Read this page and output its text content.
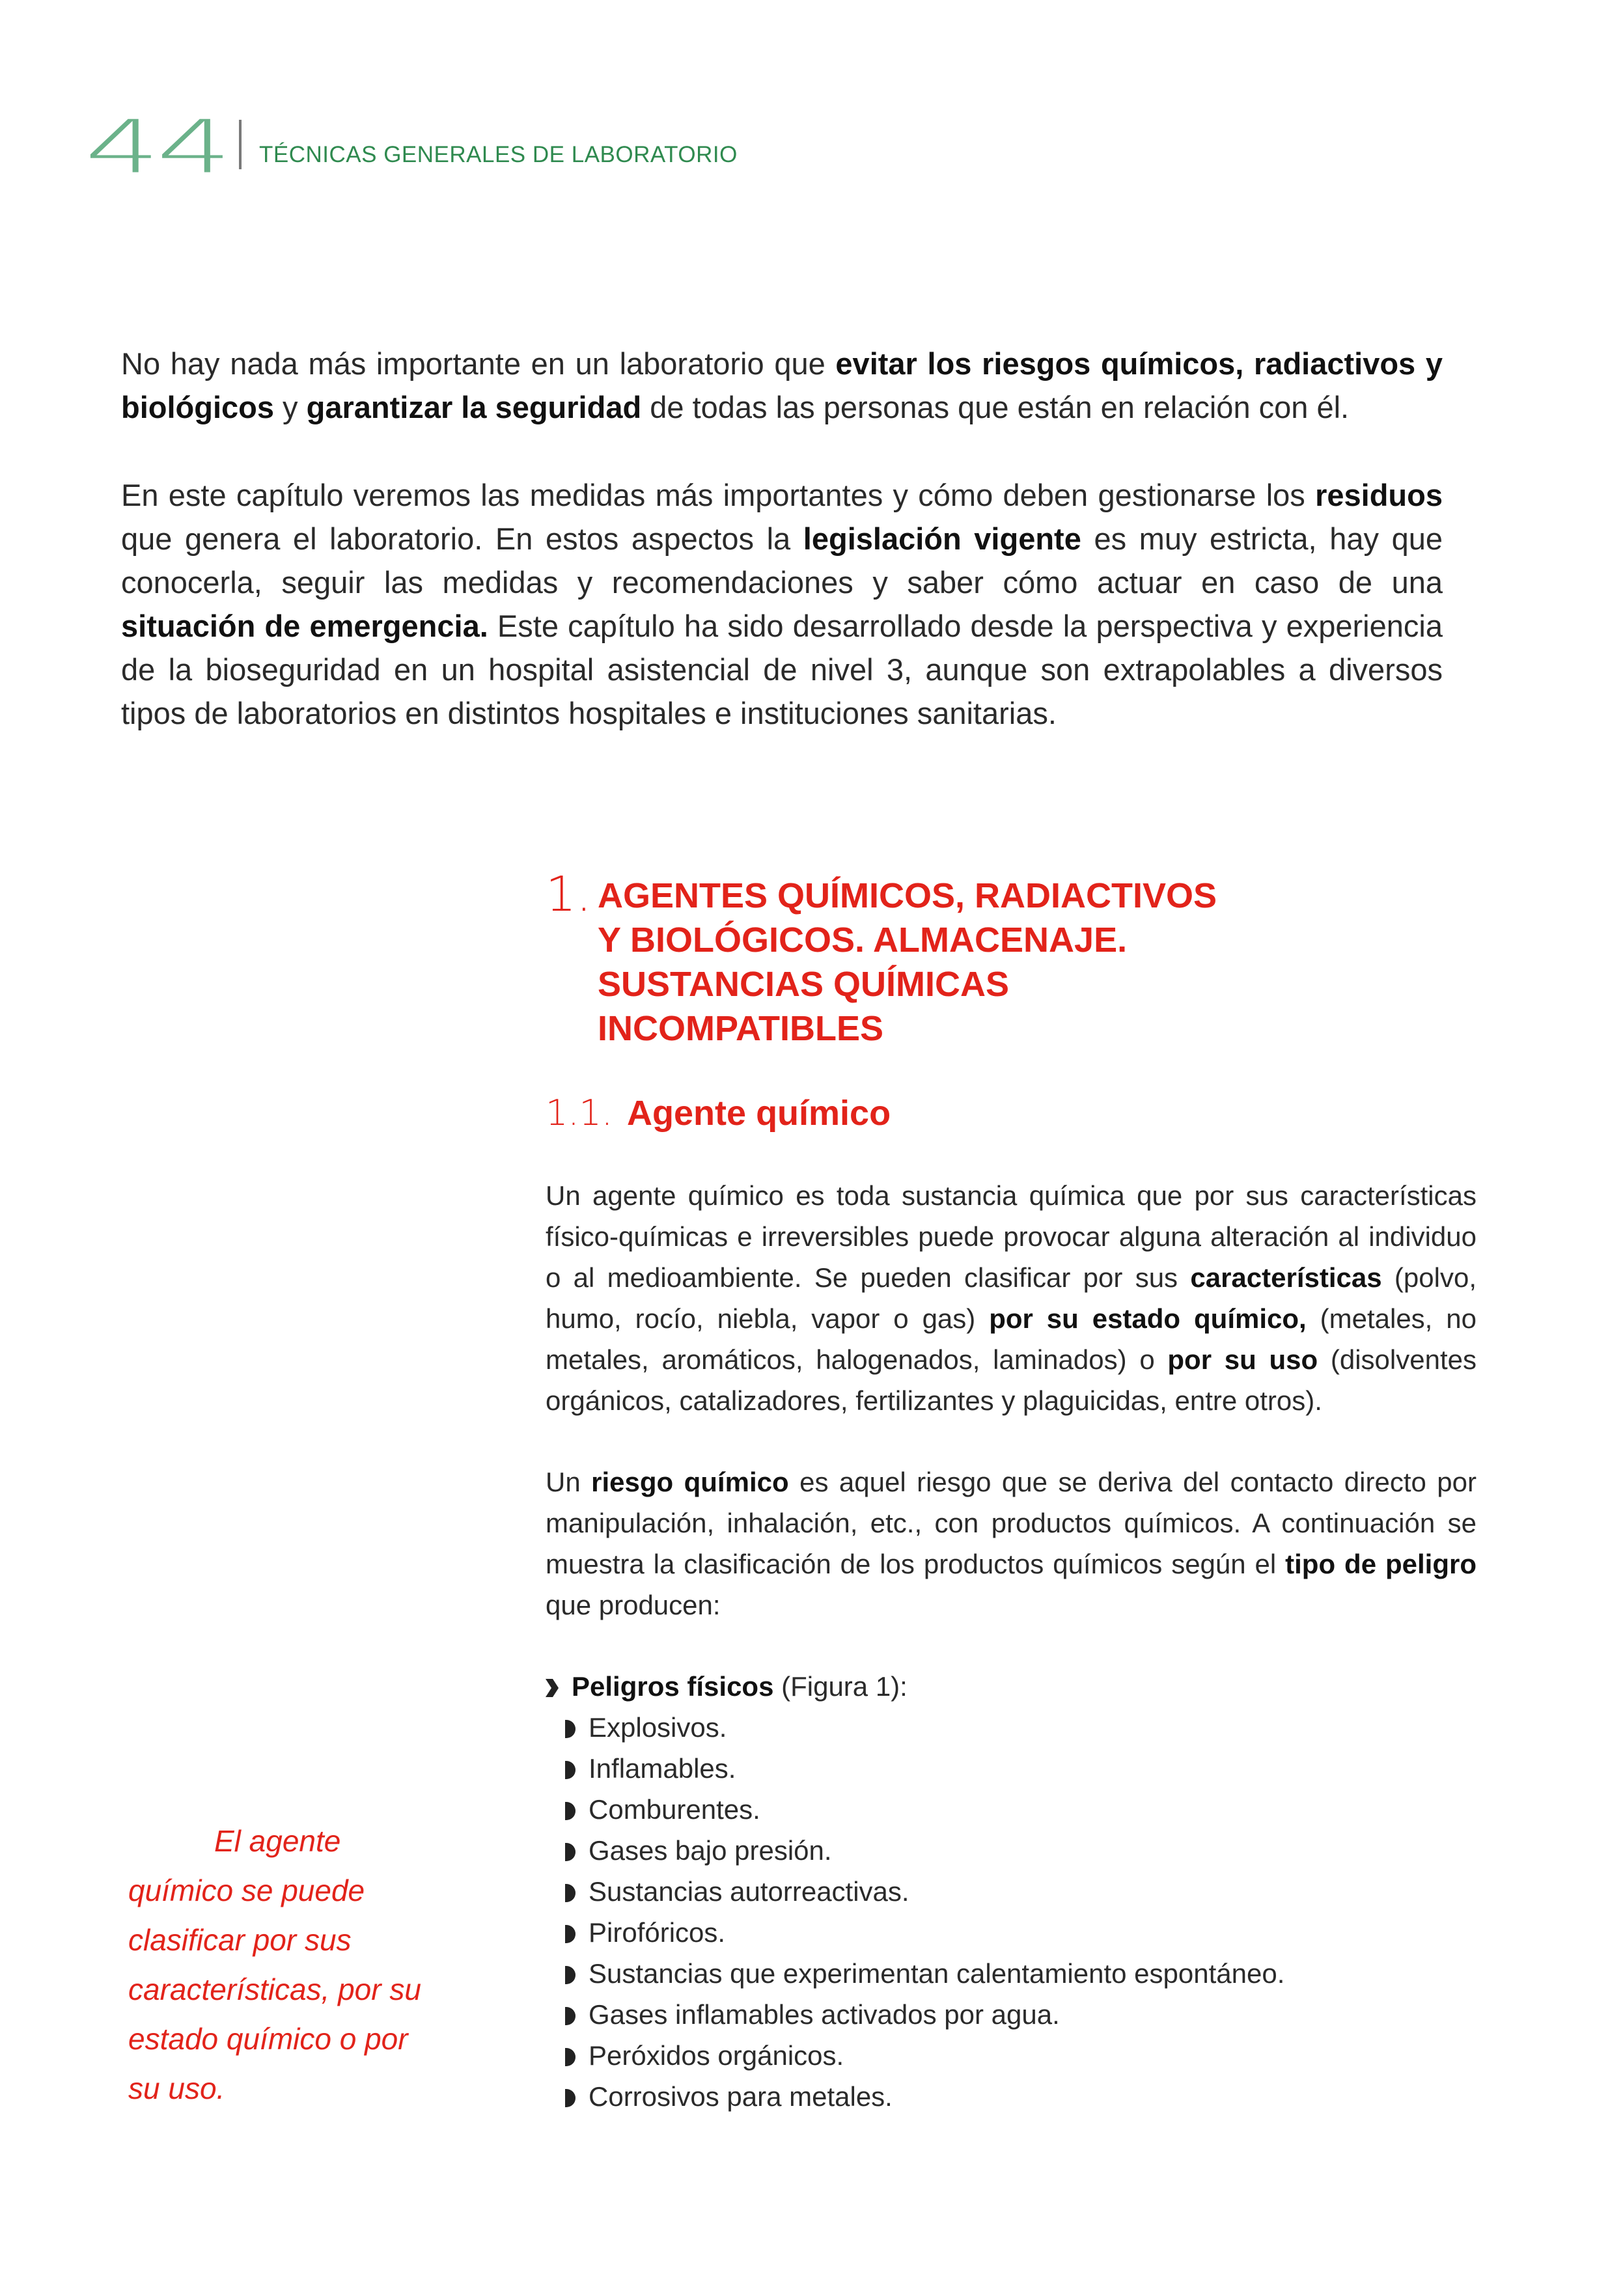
44 TÉCNICAS GENERALES DE LABORATORIO

No hay nada más importante en un laboratorio que evitar los riesgos químicos, radiactivos y biológicos y garantizar la seguridad de todas las personas que están en relación con él.

En este capítulo veremos las medidas más importantes y cómo deben gestionarse los residuos que genera el laboratorio. En estos aspectos la legislación vigente es muy estricta, hay que conocerla, seguir las medidas y recomendaciones y saber cómo actuar en caso de una situación de emergencia. Este capítulo ha sido desarrollado desde la perspectiva y experiencia de la bioseguridad en un hospital asistencial de nivel 3, aunque son extrapolables a diversos tipos de laboratorios en distintos hospitales e instituciones sanitarias.

1. AGENTES QUÍMICOS, RADIACTIVOS
Y BIOLÓGICOS. ALMACENAJE.
SUSTANCIAS QUÍMICAS
INCOMPATIBLES
1.1. Agente químico

Un agente químico es toda sustancia química que por sus características físico-químicas e irreversibles puede provocar alguna alteración al individuo o al medioambiente. Se pueden clasificar por sus características (polvo, humo, rocío, niebla, vapor o gas) por su estado químico, (metales, no metales, aromáticos, halogenados, laminados) o por su uso (disolventes orgánicos, catalizadores, fertilizantes y plaguicidas, entre otros).

Un riesgo químico es aquel riesgo que se deriva del contacto directo por manipulación, inhalación, etc., con productos químicos. A continuación se muestra la clasificación de los productos químicos según el tipo de peligro que producen:

Peligros físicos (Figura 1):
Explosivos.
Inflamables.
Comburentes.
Gases bajo presión.
Sustancias autorreactivas.
Pirofóricos.
Sustancias que experimentan calentamiento espontáneo.
Gases inflamables activados por agua.
Peróxidos orgánicos.
Corrosivos para metales.
El agente
químico se puede
clasificar por sus
características, por su
estado químico o por
su uso.
